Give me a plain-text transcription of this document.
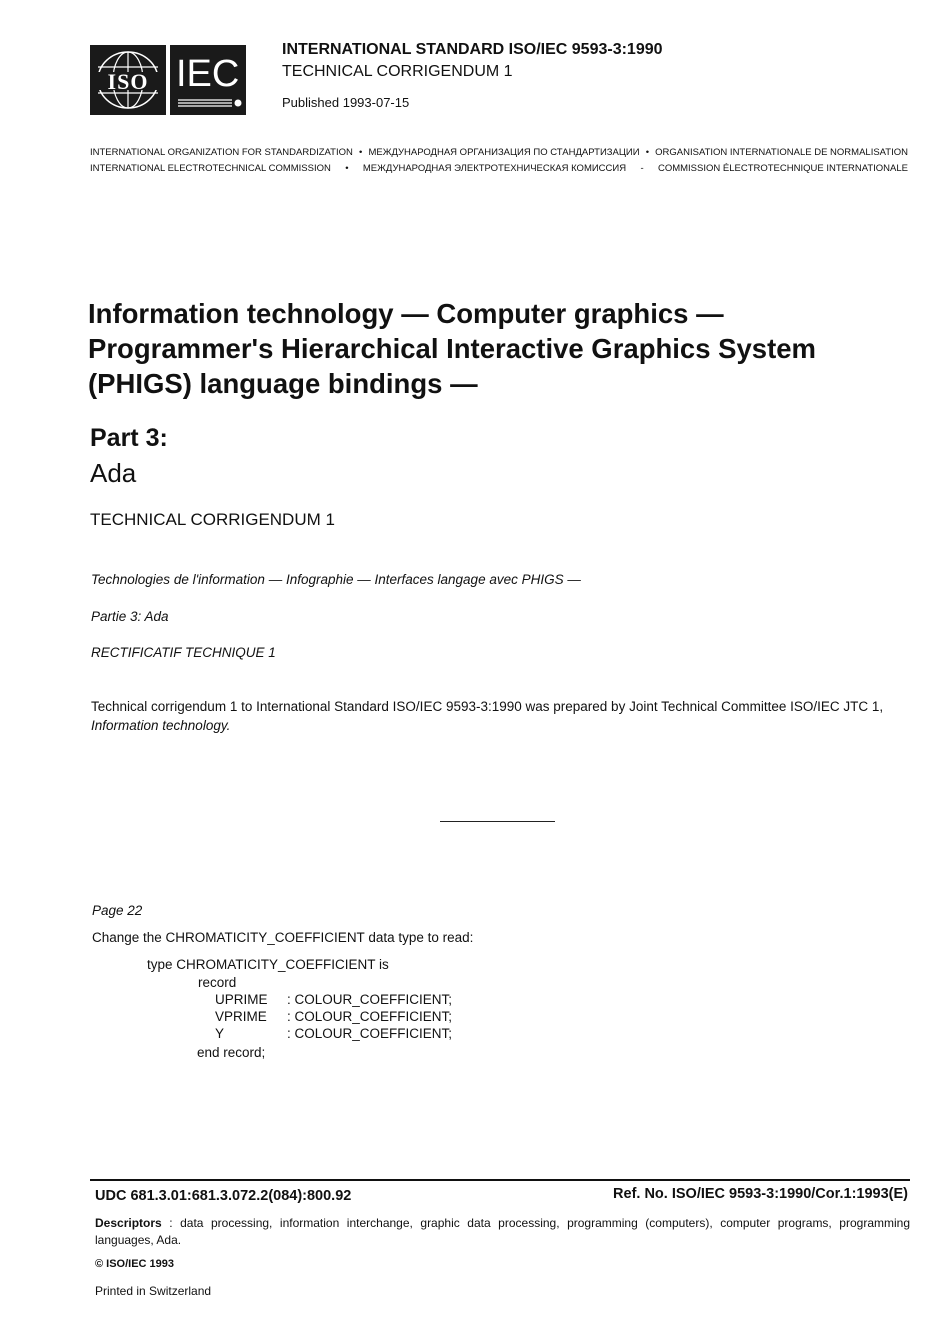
ISO IEC
INTERNATIONAL STANDARD ISO/IEC 9593-3:1990
TECHNICAL CORRIGENDUM 1
Published 1993-07-15
INTERNATIONAL ORGANIZATION FOR STANDARDIZATION • МЕЖДУНАРОДНАЯ ОРГАНИЗАЦИЯ ПО СТАНДАРТИЗАЦИИ • ORGANISATION INTERNATIONALE DE NORMALISATION
INTERNATIONAL ELECTROTECHNICAL COMMISSION • МЕЖДУНАРОДНАЯ ЭЛЕКТРОТЕХНИЧЕСКАЯ КОМИССИЯ - COMMISSION ÉLECTROTECHNIQUE INTERNATIONALE
Information technology — Computer graphics —
Programmer's Hierarchical Interactive Graphics System
(PHIGS) language bindings —
Part 3:
Ada
TECHNICAL CORRIGENDUM 1
Technologies de l'information — Infographie — Interfaces langage avec PHIGS —
Partie 3: Ada
RECTIFICATIF TECHNIQUE 1
Technical corrigendum 1 to International Standard ISO/IEC 9593-3:1990 was prepared by Joint Technical Committee ISO/IEC JTC 1, Information technology.
Page 22
Change the CHROMATICITY_COEFFICIENT data type to read:
type CHROMATICITY_COEFFICIENT is
record
UPRIME : COLOUR_COEFFICIENT;
VPRIME : COLOUR_COEFFICIENT;
Y	: COLOUR_COEFFICIENT;
end record;
UDC 681.3.01:681.3.072.2(084):800.92	Ref. No. ISO/IEC 9593-3:1990/Cor.1:1993(E)
Descriptors : data processing, information interchange, graphic data processing, programming (computers), computer programs, programming languages, Ada.
© ISO/IEC 1993
Printed in Switzerland
